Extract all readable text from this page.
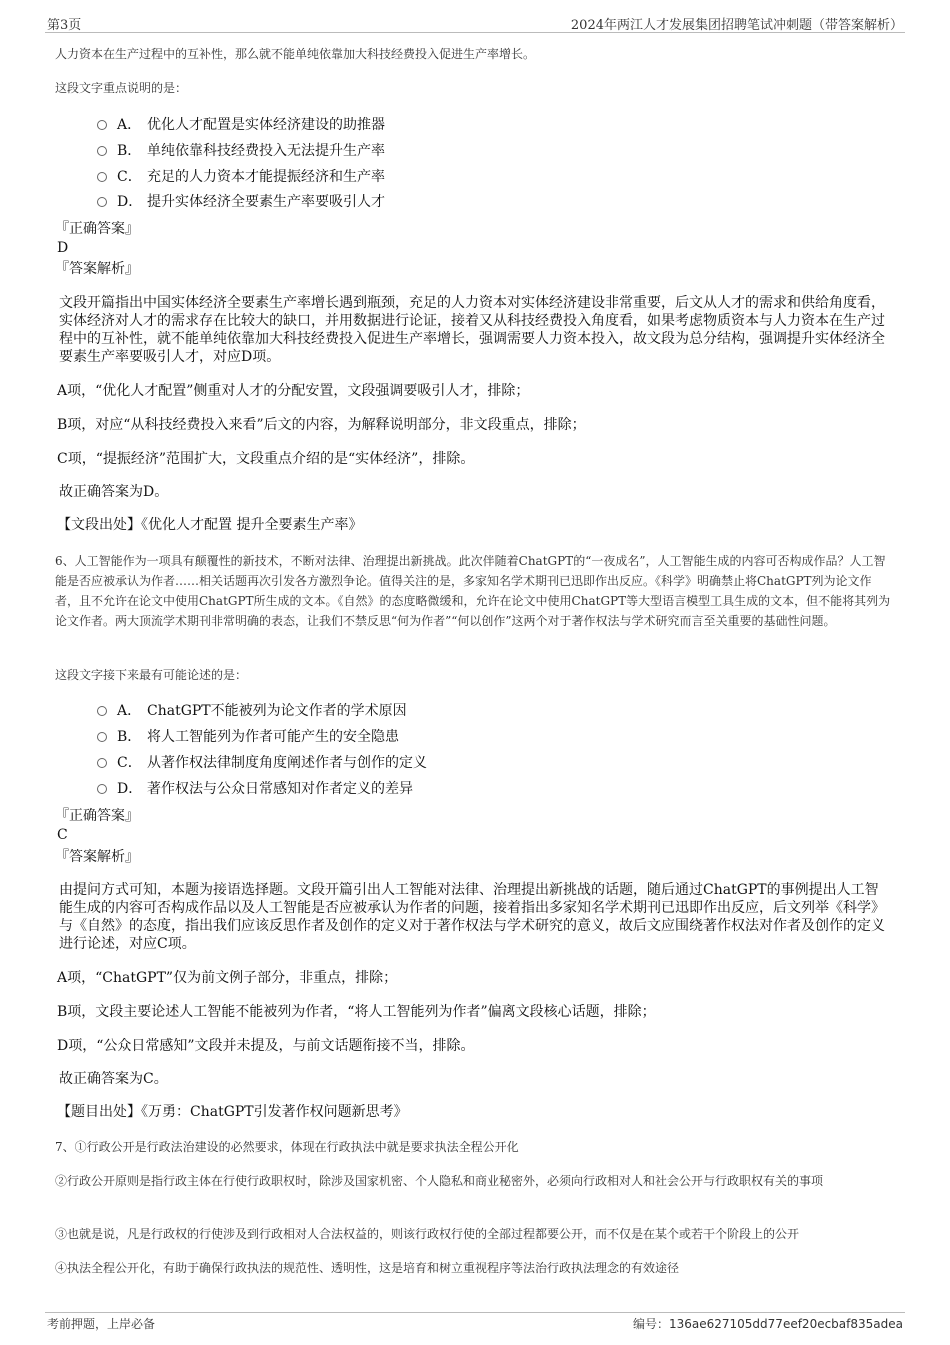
第3页	2024年两江人才发展集团招聘笔试冲刺题（带答案解析）
人力资本在生产过程中的互补性，那么就不能单纯依靠加大科技经费投入促进生产率增长。
这段文字重点说明的是：
A． 优化人才配置是实体经济建设的助推器
B． 单纯依靠科技经费投入无法提升生产率
C． 充足的人力资本才能提振经济和生产率
D． 提升实体经济全要素生产率要吸引人才
『正确答案』
D
『答案解析』
文段开篇指出中国实体经济全要素生产率增长遇到瓶颈，充足的人力资本对实体经济建设非常重要，后文从人才的需求和供给角度看，实体经济对人才的需求存在比较大的缺口，并用数据进行论证，接着又从科技经费投入角度看，如果考虑物质资本与人力资本在生产过程中的互补性，就不能单纯依靠加大科技经费投入促进生产率增长，强调需要人力资本投入，故文段为总分结构，强调提升实体经济全要素生产率要吸引人才，对应D项。
A项，“优化人才配置”侧重对人才的分配安置，文段强调要吸引人才，排除；
B项，对应“从科技经费投入来看”后文的内容，为解释说明部分，非文段重点，排除；
C项，“提振经济”范围扩大，文段重点介绍的是“实体经济”，排除。
故正确答案为D。
【文段出处】《优化人才配置 提升全要素生产率》
6、人工智能作为一项具有颠覆性的新技术，不断对法律、治理提出新挑战。此次伴随着ChatGPT的“一夜成名”，人工智能生成的内容可否构成作品？人工智能是否应被承认为作者……相关话题再次引发各方激烈争论。值得关注的是，多家知名学术期刊已迅即作出反应。《科学》明确禁止将ChatGPT列为论文作者，且不允许在论文中使用ChatGPT所生成的文本。《自然》的态度略微缓和，允许在论文中使用ChatGPT等大型语言模型工具生成的文本，但不能将其列为论文作者。两大顶流学术期刊非常明确的表态，让我们不禁反思“何为作者”“何以创作”这两个对于著作权法与学术研究而言至关重要的基础性问题。
这段文字接下来最有可能论述的是：
A． ChatGPT不能被列为论文作者的学术原因
B． 将人工智能列为作者可能产生的安全隐患
C． 从著作权法律制度角度阐述作者与创作的定义
D． 著作权法与公众日常感知对作者定义的差异
『正确答案』
C
『答案解析』
由提问方式可知，本题为接语选择题。文段开篇引出人工智能对法律、治理提出新挑战的话题，随后通过ChatGPT的事例提出人工智能生成的内容可否构成作品以及人工智能是否应被承认为作者的问题，接着指出多家知名学术期刊已迅即作出反应，后文列举《科学》与《自然》的态度，指出我们应该反思作者及创作的定义对于著作权法与学术研究的意义，故后文应围绕著作权法对作者及创作的定义进行论述，对应C项。
A项，“ChatGPT”仅为前文例子部分，非重点，排除；
B项，文段主要论述人工智能不能被列为作者，“将人工智能列为作者”偏离文段核心话题，排除；
D项，“公众日常感知”文段并未提及，与前文话题衔接不当，排除。
故正确答案为C。
【题目出处】《万勇：ChatGPT引发著作权问题新思考》
7、①行政公开是行政法治建设的必然要求，体现在行政执法中就是要求执法全程公开化
②行政公开原则是指行政主体在行使行政职权时，除涉及国家机密、个人隐私和商业秘密外，必须向行政相对人和社会公开与行政职权有关的事项
③也就是说，凡是行政权的行使涉及到行政相对人合法权益的，则该行政权行使的全部过程都要公开，而不仅是在某个或若干个阶段上的公开
④执法全程公开化，有助于确保行政执法的规范性、透明性，这是培育和树立重视程序等法治行政执法理念的有效途径
考前押题，上岸必备	编号：136ae627105dd77eef20ecbaf835adea
